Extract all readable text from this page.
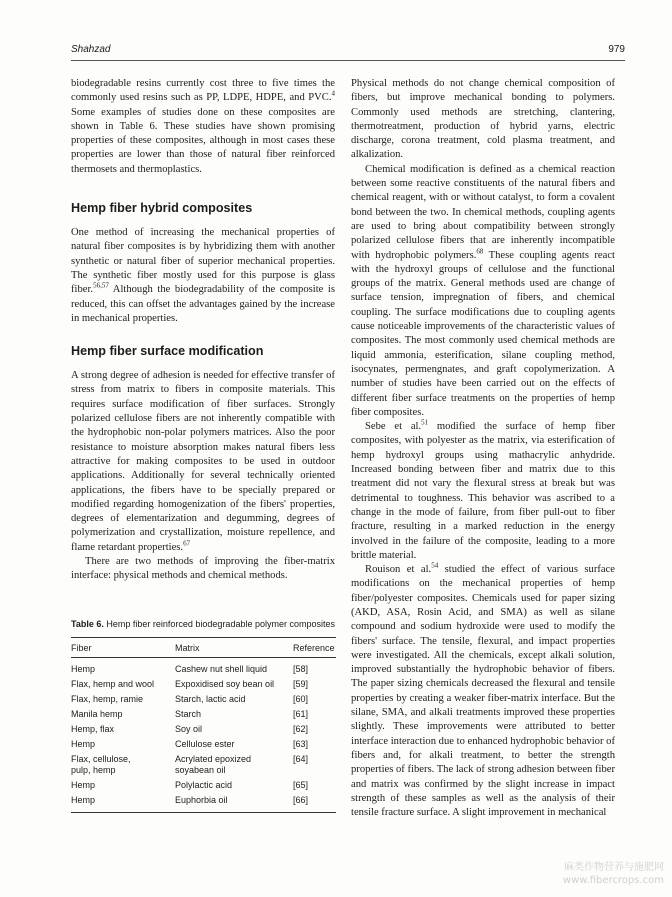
Shahzad	979

biodegradable resins currently cost three to five times the commonly used resins such as PP, LDPE, HDPE, and PVC.$^4$ Some examples of studies done on these composites are shown in Table 6. These studies have shown promising properties of these composites, although in most cases these properties are lower than those of natural fiber reinforced thermosets and thermoplastics.

Hemp fiber hybrid composites

One method of increasing the mechanical properties of natural fiber composites is by hybridizing them with another synthetic or natural fiber of superior mechanical properties. The synthetic fiber mostly used for this purpose is glass fiber.$^{56,57}$ Although the biodegradability of the composite is reduced, this can offset the advantages gained by the increase in mechanical properties.

Hemp fiber surface modification

A strong degree of adhesion is needed for effective transfer of stress from matrix to fibers in composite materials. This requires surface modification of fiber surfaces. Strongly polarized cellulose fibers are not inherently compatible with the hydrophobic non-polar polymers matrices. Also the poor resistance to moisture absorption makes natural fibers less attractive for making composites to be used in outdoor applications. Additionally for several technically oriented applications, the fibers have to be specially prepared or modified regarding homogenization of the fibers' properties, degrees of elementarization and degumming, degrees of polymerization and crystallization, moisture repellence, and flame retardant properties.$^{67}$

There are two methods of improving the fiber-matrix interface: physical methods and chemical methods.

Table 6. Hemp fiber reinforced biodegradable polymer composites
Fiber	Matrix	Reference
Hemp	Cashew nut shell liquid	[58]
Flax, hemp and wool	Expoxidised soy bean oil	[59]
Flax, hemp, ramie	Starch, lactic acid	[60]
Manila hemp	Starch	[61]
Hemp, flax	Soy oil	[62]
Hemp	Cellulose ester	[63]
Flax, cellulose, pulp, hemp	Acrylated epoxized soyabean oil	[64]
Hemp	Polylactic acid	[65]
Hemp	Euphorbia oil	[66]

Physical methods do not change chemical composition of fibers, but improve mechanical bonding to polymers. Commonly used methods are stretching, clantering, thermotreatment, production of hybrid yarns, electric discharge, corona treatment, cold plasma treatment, and alkalization.

Chemical modification is defined as a chemical reaction between some reactive constituents of the natural fibers and chemical reagent, with or without catalyst, to form a covalent bond between the two. In chemical methods, coupling agents are used to bring about compatibility between strongly polarized cellulose fibers that are inherently incompatible with hydrophobic polymers.$^{68}$ These coupling agents react with the hydroxyl groups of cellulose and the functional groups of the matrix. General methods used are change of surface tension, impregnation of fibers, and chemical coupling. The surface modifications due to coupling agents cause noticeable improvements of the characteristic values of composites. The most commonly used chemical methods are liquid ammonia, esterification, silane coupling method, isocynates, permengnates, and graft copolymerization. A number of studies have been carried out on the effects of different fiber surface treatments on the properties of hemp fiber composites.

Sebe et al.$^{51}$ modified the surface of hemp fiber composites, with polyester as the matrix, via esterification of hemp hydroxyl groups using mathacrylic anhydride. Increased bonding between fiber and matrix due to this treatment did not vary the flexural stress at break but was detrimental to toughness. This behavior was ascribed to a change in the mode of failure, from fiber pull-out to fiber fracture, resulting in a marked reduction in the energy involved in the failure of the composite, leading to a more brittle material.

Rouison et al.$^{54}$ studied the effect of various surface modifications on the mechanical properties of hemp fiber/polyester composites. Chemicals used for paper sizing (AKD, ASA, Rosin Acid, and SMA) as well as silane compound and sodium hydroxide were used to modify the fibers' surface. The tensile, flexural, and impact properties were investigated. All the chemicals, except alkali solution, improved substantially the hydrophobic behavior of fibers. The paper sizing chemicals decreased the flexural and tensile properties by creating a weaker fiber-matrix interface. But the silane, SMA, and alkali treatments improved these properties slightly. These improvements were attributed to better interface interaction due to enhanced hydrophobic behavior of fibers and, for alkali treatment, to better the strength properties of fibers. The lack of strong adhesion between fiber and matrix was confirmed by the slight increase in impact strength of these samples as well as the analysis of their tensile fracture surface. A slight improvement in mechanical

麻类作物营养与施肥网
www.fibercrops.com
